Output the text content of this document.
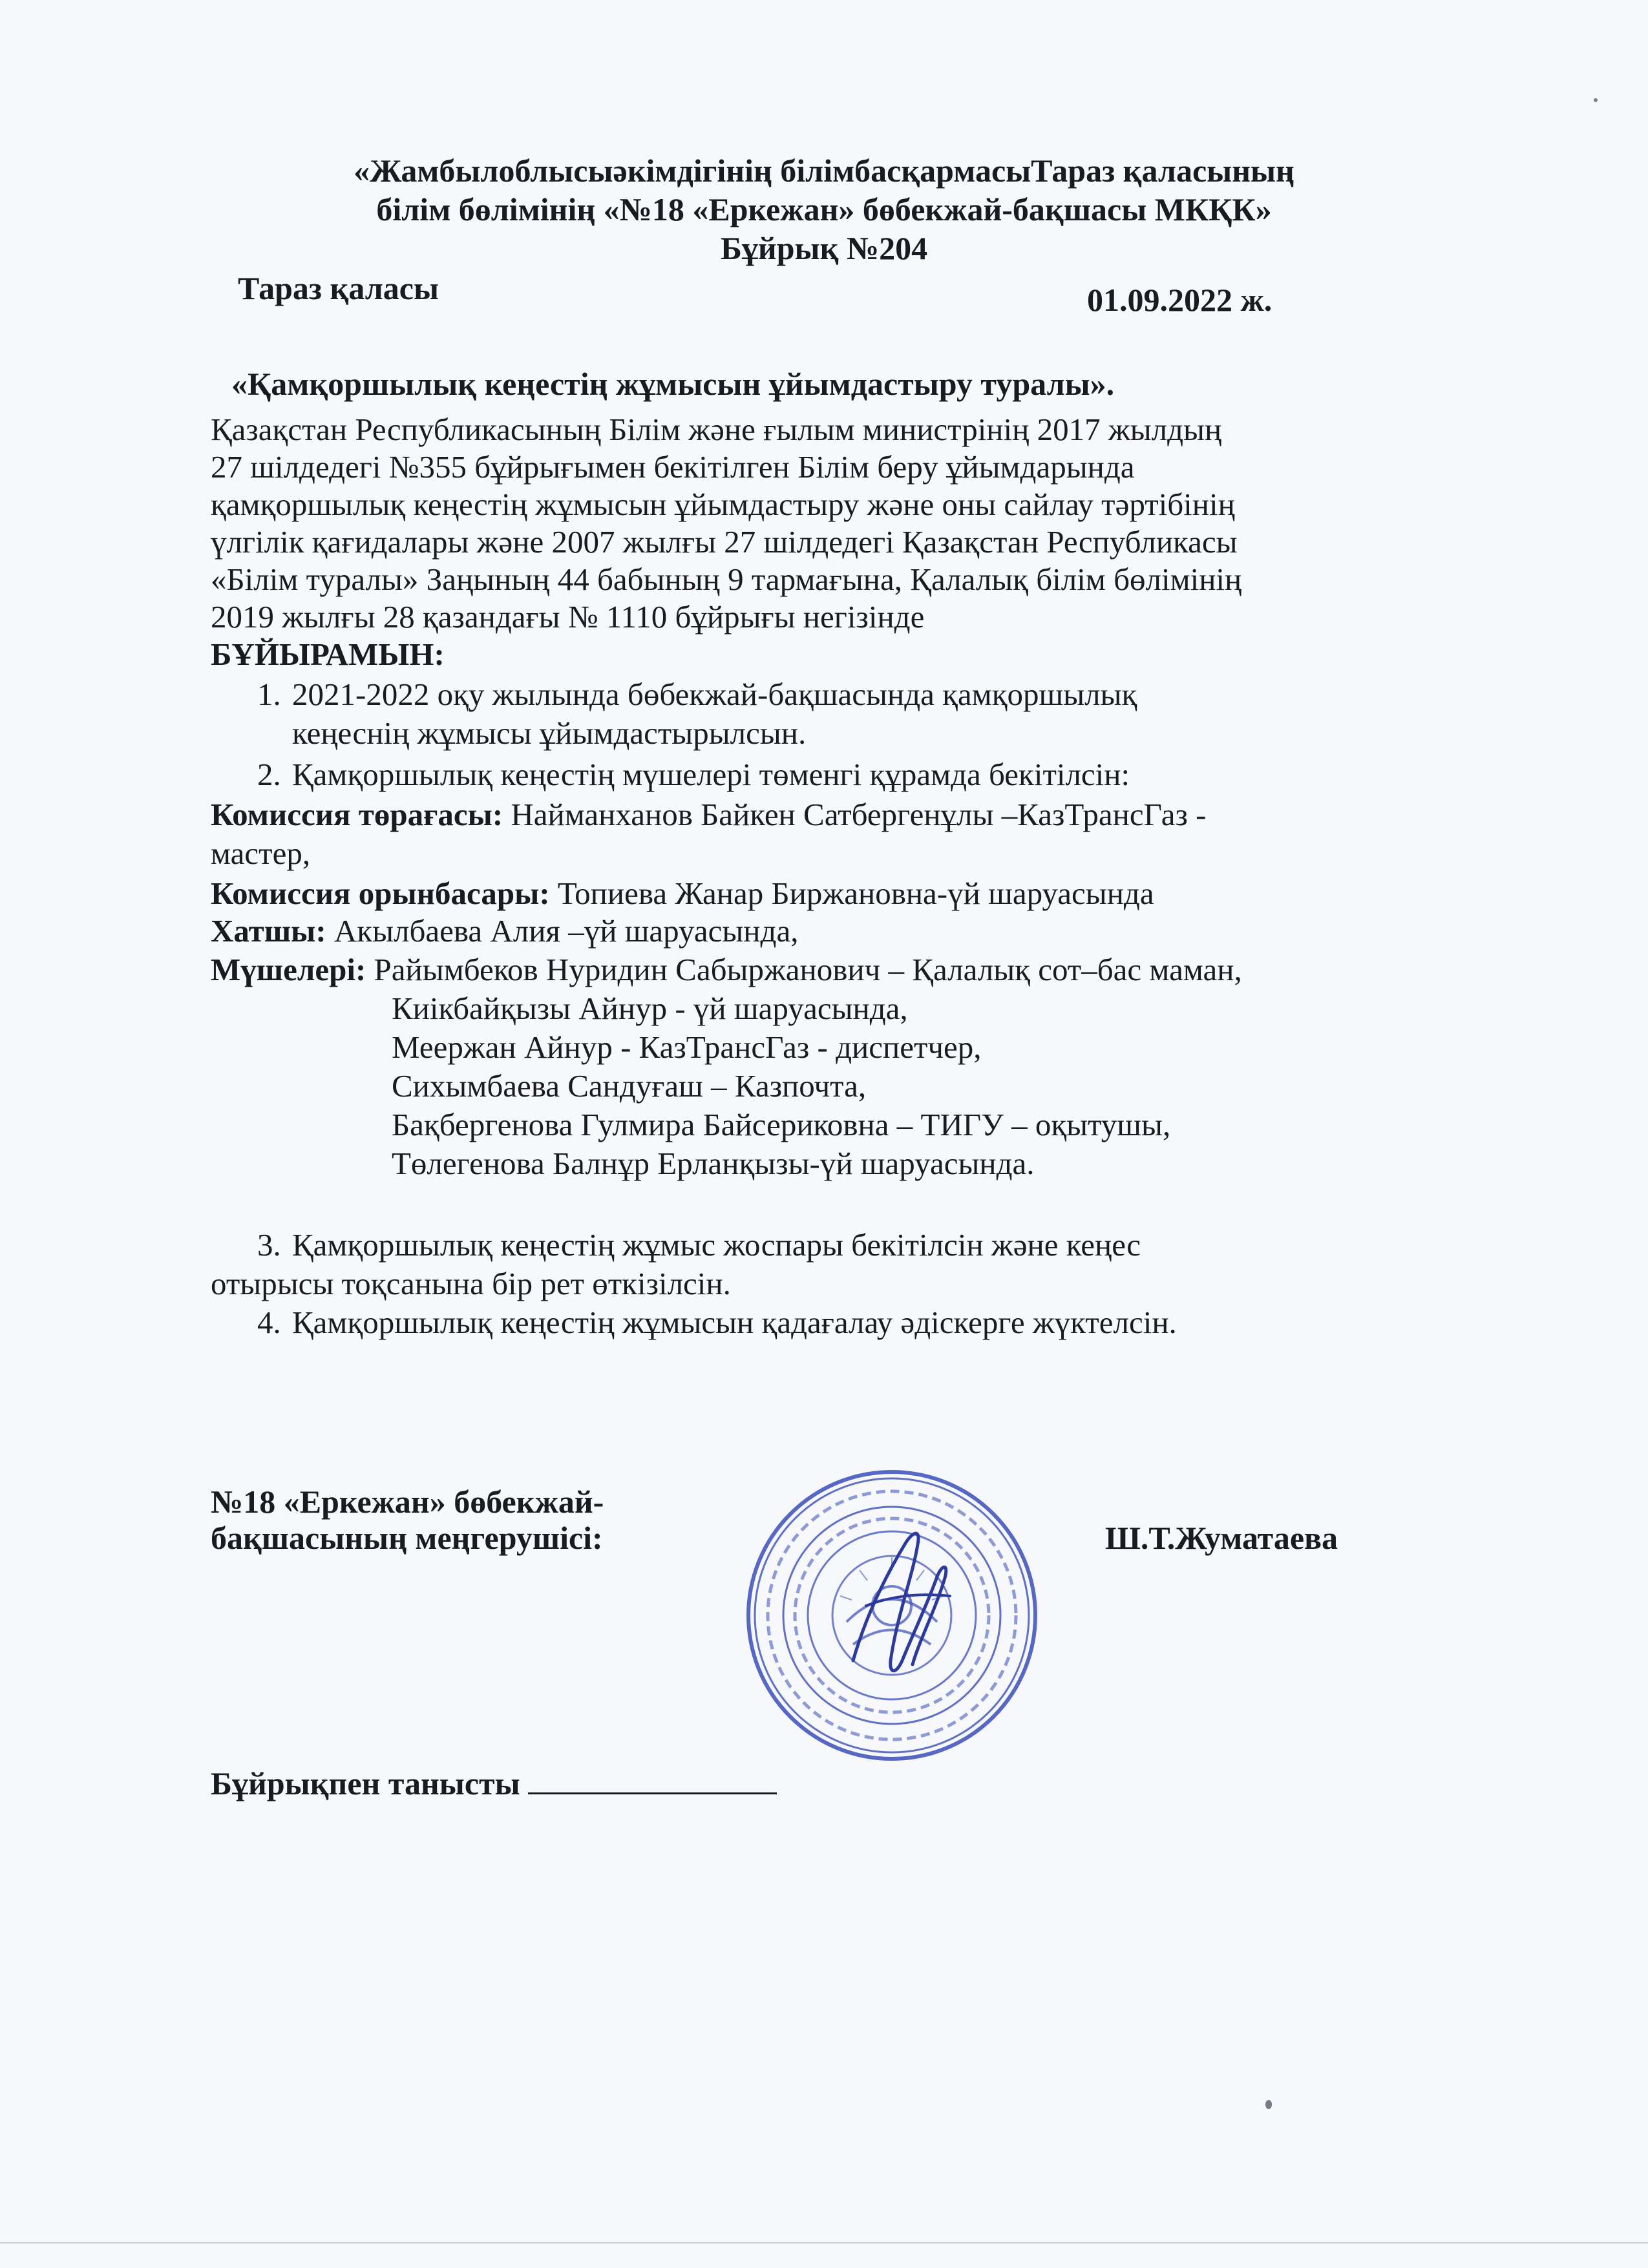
«Жамбылоблысыәкімдігінің білімбасқармасыТараз қаласының
білім бөлімінің «№18 «Еркежан» бөбекжай-бақшасы МКҚК»
Бұйрық №204
Тараз қаласы	01.09.2022 ж.
«Қамқоршылық кеңестің жұмысын ұйымдастыру туралы».
Қазақстан Республикасының Білім және ғылым министрінің 2017 жылдың
27 шілдедегі №355 бұйрығымен бекітілген Білім беру ұйымдарында
қамқоршылық кеңестің жұмысын ұйымдастыру және оны сайлау тәртібінің
үлгілік қағидалары және 2007 жылғы 27 шілдедегі Қазақстан Республикасы
«Білім туралы» Заңының 44 бабының 9 тармағына, Қалалық білім бөлімінің
2019 жылғы 28 қазандағы № 1110 бұйрығы негізінде
БҰЙЫРАМЫН:
1. 2021-2022 оқу жылында бөбекжай-бақшасында қамқоршылық
кеңеснің жұмысы ұйымдастырылсын.
2. Қамқоршылық кеңестің мүшелері төменгі құрамда бекітілсін:
Комиссия төрағасы: Найманханов Байкен Сатбергенұлы –КазТрансГаз -
мастер,
Комиссия орынбасары: Топиева Жанар Биржановна-үй шаруасында
Хатшы: Акылбаева Алия –үй шаруасында,
Мүшелері: Райымбеков Нуридин Сабыржанович – Қалалық сот–бас маман,
Киікбайқызы Айнур - үй шаруасында,
Меержан Айнур - КазТрансГаз - диспетчер,
Сихымбаева Сандуғаш – Казпочта,
Бақбергенова Гулмира Байсериковна – ТИГУ – оқытушы,
Төлегенова Балнұр Ерланқызы-үй шаруасында.
3. Қамқоршылық кеңестің жұмыс жоспары бекітілсін және кеңес
отырысы тоқсанына бір рет өткізілсін.
4. Қамқоршылық кеңестің жұмысын қадағалау әдіскерге жүктелсін.
№18 «Еркежан» бөбекжай-
бақшасының меңгерушісі:	Ш.Т.Жуматаева
Бұйрықпен танысты
